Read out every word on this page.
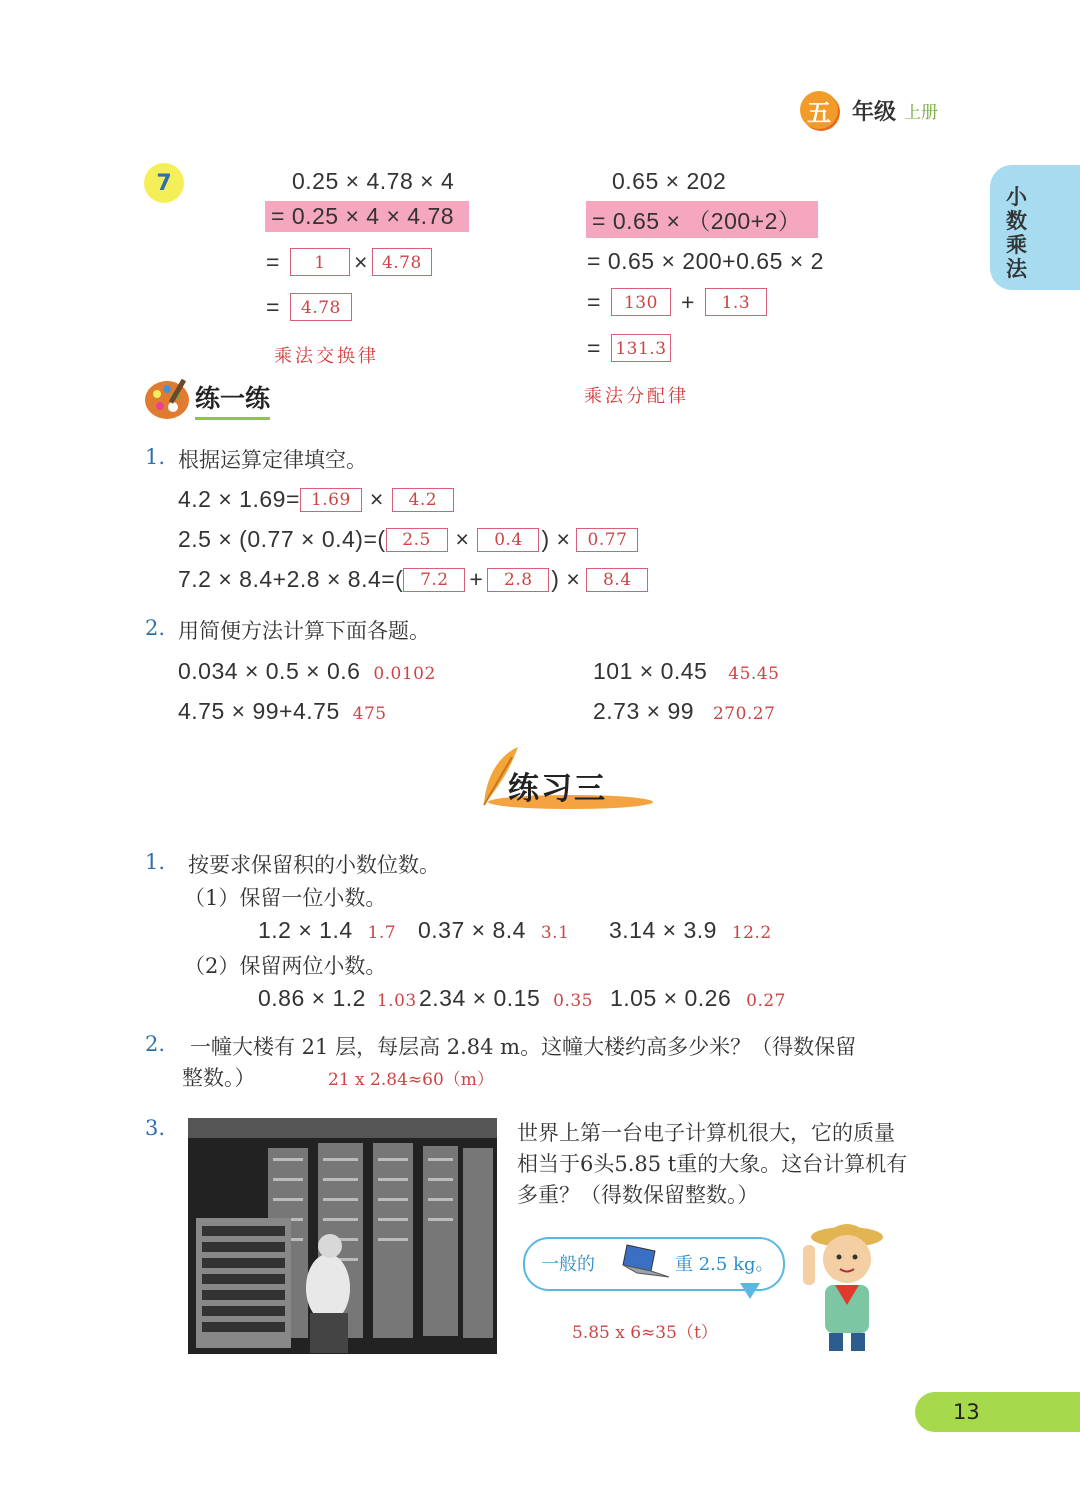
五 年级 上册
小数乘法
7	0.25 × 4.78 × 4
= 0.25 × 4 × 4.78
=	1	× 4.78
=	4.78
乘法交换律
0.65 × 202
= 0.65 × （200+2）
= 0.65 × 200+0.65 × 2
=	130	+	1.3
= 131.3
乘法分配律
练一练
1. 根据运算定律填空。
4.2 × 1.69= 1.69 ×	4.2
2.5 × (0.77 × 0.4)=( 2.5	×	0.4 ) ×	0.77
7.2 × 8.4+2.8 × 8.4=( 7.2 +	2.8 ) ×	8.4
2. 用简便方法计算下面各题。
0.034 × 0.5 × 0.6 0.0102	101 × 0.45 45.45
4.75 × 99+4.75 475	2.73 × 99 270.27
练习三
1. 按要求保留积的小数位数。
（1）保留一位小数。
1.2 × 1.4 1.7 0.37 × 8.4 3.1 3.14 × 3.9 12.2
（2）保留两位小数。
0.86 × 1.2 1.03 2.34 × 0.15 0.35 1.05 × 0.26 0.27
2. 一幢大楼有 21 层，每层高 2.84 m。这幢大楼约高多少米？（得数保留
整数。）	21 x 2.84≈60（m）
3.	世界上第一台电子计算机很大，它的质量
相当于6头5.85 t重的大象。这台计算机有
多重？（得数保留整数。）
一般的	重 2.5 kg。
5.85 x 6≈35（t）
13
